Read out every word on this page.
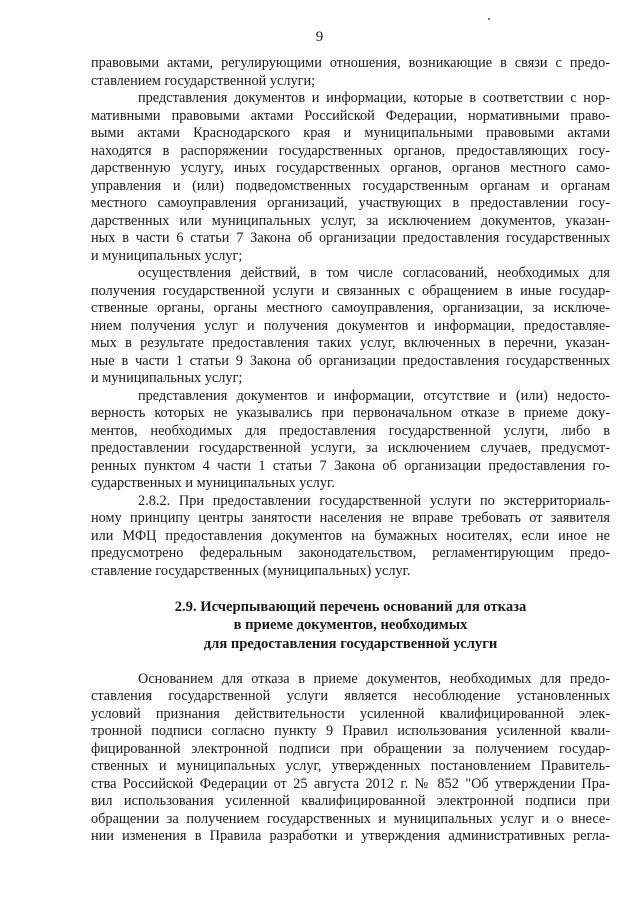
9
правовыми актами, регулирующими отношения, возникающие в связи с предо-
ставлением государственной услуги;
представления документов и информации, которые в соответствии с нор-
мативными правовыми актами Российской Федерации, нормативными право-
выми актами Краснодарского края и муниципальными правовыми актами
находятся в распоряжении государственных органов, предоставляющих госу-
дарственную услугу, иных государственных органов, органов местного само-
управления и (или) подведомственных государственным органам и органам
местного самоуправления организаций, участвующих в предоставлении госу-
дарственных или муниципальных услуг, за исключением документов, указан-
ных в части 6 статьи 7 Закона об организации предоставления государственных
и муниципальных услуг;
осуществления действий, в том числе согласований, необходимых для
получения государственной услуги и связанных с обращением в иные государ-
ственные органы, органы местного самоуправления, организации, за исключе-
нием получения услуг и получения документов и информации, предоставляе-
мых в результате предоставления таких услуг, включенных в перечни, указан-
ные в части 1 статьи 9 Закона об организации предоставления государственных
и муниципальных услуг;
представления документов и информации, отсутствие и (или) недосто-
верность которых не указывались при первоначальном отказе в приеме доку-
ментов, необходимых для предоставления государственной услуги, либо в
предоставлении государственной услуги, за исключением случаев, предусмот-
ренных пунктом 4 части 1 статьи 7 Закона об организации предоставления го-
сударственных и муниципальных услуг.
2.8.2. При предоставлении государственной услуги по экстерриториаль-
ному принципу центры занятости населения не вправе требовать от заявителя
или МФЦ предоставления документов на бумажных носителях, если иное не
предусмотрено федеральным законодательством, регламентирующим предо-
ставление государственных (муниципальных) услуг.
2.9. Исчерпывающий перечень оснований для отказа
в приеме документов, необходимых
для предоставления государственной услуги
Основанием для отказа в приеме документов, необходимых для предо-
ставления государственной услуги является несоблюдение установленных
условий признания действительности усиленной квалифицированной элек-
тронной подписи согласно пункту 9 Правил использования усиленной квали-
фицированной электронной подписи при обращении за получением государ-
ственных и муниципальных услуг, утвержденных постановлением Правитель-
ства Российской Федерации от 25 августа 2012 г. № 852 "Об утверждении Пра-
вил использования усиленной квалифицированной электронной подписи при
обращении за получением государственных и муниципальных услуг и о внесе-
нии изменения в Правила разработки и утверждения административных регла-
